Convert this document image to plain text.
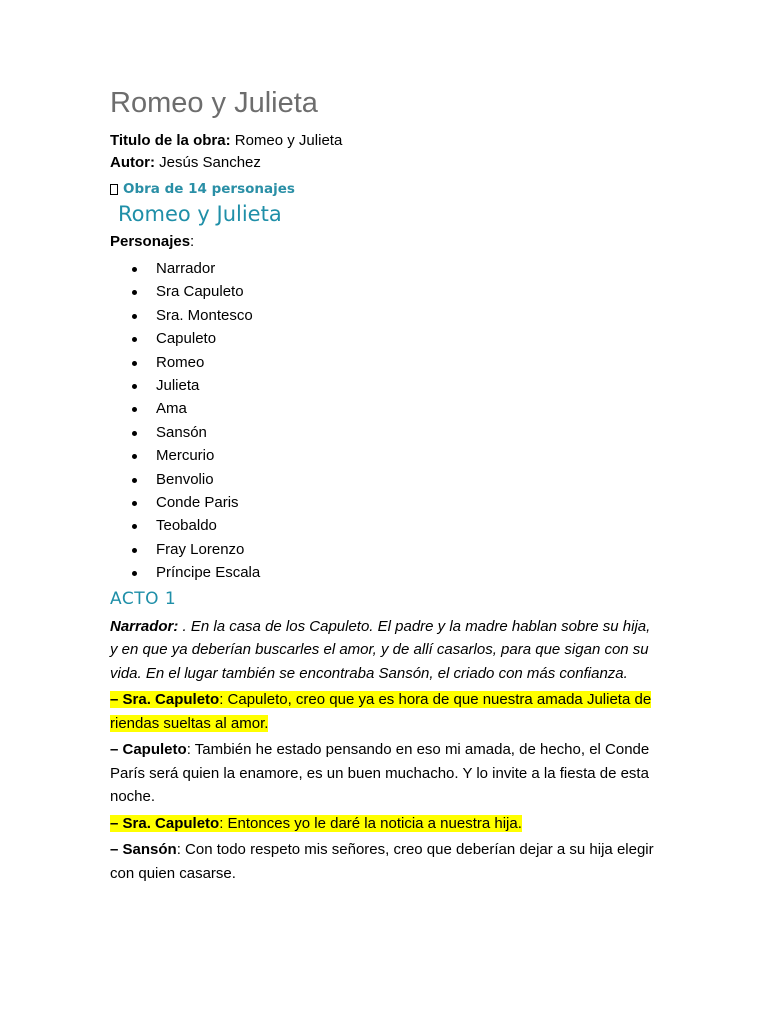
Romeo y Julieta
Titulo de la obra: Romeo y Julieta
Autor: Jesús Sanchez
Obra de 14 personajes
Romeo y Julieta
Personajes:
Narrador
Sra Capuleto
Sra. Montesco
Capuleto
Romeo
Julieta
Ama
Sansón
Mercurio
Benvolio
Conde Paris
Teobaldo
Fray Lorenzo
Príncipe Escala
ACTO 1

Narrador: . En la casa de los Capuleto. El padre y la madre hablan sobre su hija, y en que ya deberían buscarles el amor, y de allí casarlos, para que sigan con su vida. En el lugar también se encontraba Sansón, el criado con más confianza.

– Sra. Capuleto: Capuleto, creo que ya es hora de que nuestra amada Julieta de riendas sueltas al amor.

– Capuleto: También he estado pensando en eso mi amada, de hecho, el Conde París será quien la enamore, es un buen muchacho. Y lo invite a la fiesta de esta noche.

– Sra. Capuleto: Entonces yo le daré la noticia a nuestra hija.

– Sansón: Con todo respeto mis señores, creo que deberían dejar a su hija elegir con quien casarse.
